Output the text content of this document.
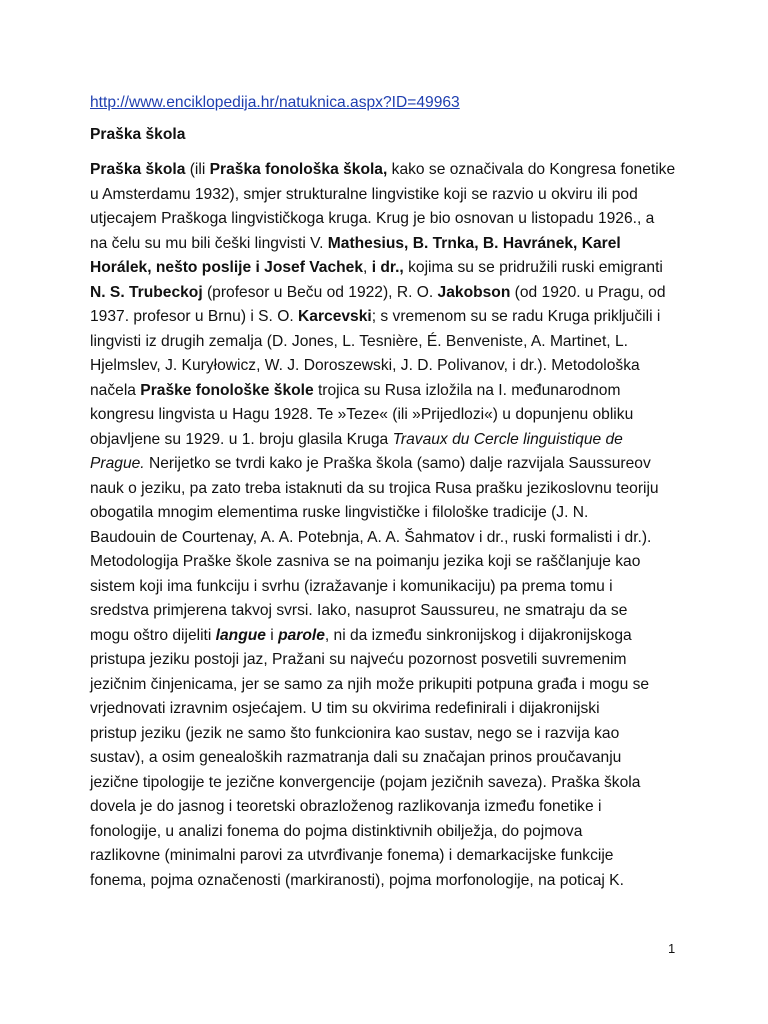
http://www.enciklopedija.hr/natuknica.aspx?ID=49963
Praška škola
Praška škola (ili Praška fonološka škola, kako se označivala do Kongresa fonetike
u Amsterdamu 1932), smjer strukturalne lingvistike koji se razvio u okviru ili pod
utjecajem Praškoga lingvističkoga kruga. Krug je bio osnovan u listopadu 1926., a
na čelu su mu bili češki lingvisti V. Mathesius, B. Trnka, B. Havránek, Karel
Horálek, nešto poslije i Josef Vachek, i dr., kojima su se pridružili ruski emigranti
N. S. Trubeckoj (profesor u Beču od 1922), R. O. Jakobson (od 1920. u Pragu, od
1937. profesor u Brnu) i S. O. Karcevski; s vremenom su se radu Kruga priključili i
lingvisti iz drugih zemalja (D. Jones, L. Tesnière, É. Benveniste, A. Martinet, L.
Hjelmslev, J. Kuryłowicz, W. J. Doroszewski, J. D. Polivanov, i dr.). Metodološka
načela Praške fonološke škole trojica su Rusa izložila na I. međunarodnom
kongresu lingvista u Hagu 1928. Te »Teze« (ili »Prijedlozi«) u dopunjenu obliku
objavljene su 1929. u 1. broju glasila Kruga Travaux du Cercle linguistique de
Prague. Nerijetko se tvrdi kako je Praška škola (samo) dalje razvijala Saussureov
nauk o jeziku, pa zato treba istaknuti da su trojica Rusa prašku jezikoslovnu teoriju
obogatila mnogim elementima ruske lingvističke i filološke tradicije (J. N.
Baudouin de Courtenay, A. A. Potebnja, A. A. Šahmatov i dr., ruski formalisti i dr.).
Metodologija Praške škole zasniva se na poimanju jezika koji se raščlanjuje kao
sistem koji ima funkciju i svrhu (izražavanje i komunikaciju) pa prema tomu i
sredstva primjerena takvoj svrsi. Iako, nasuprot Saussureu, ne smatraju da se
mogu oštro dijeliti langue i parole, ni da između sinkronijskog i dijakronijskoga
pristupa jeziku postoji jaz, Pražani su najveću pozornost posvetili suvremenim
jezičnim činjenicama, jer se samo za njih može prikupiti potpuna građa i mogu se
vrjednovati izravnim osjećajem. U tim su okvirima redefinirali i dijakronijski
pristup jeziku (jezik ne samo što funkcionira kao sustav, nego se i razvija kao
sustav), a osim genealoških razmatranja dali su značajan prinos proučavanju
jezične tipologije te jezične konvergencije (pojam jezičnih saveza). Praška škola
dovela je do jasnog i teoretski obrazloženog razlikovanja između fonetike i
fonologije, u analizi fonema do pojma distinktivnih obilježja, do pojmova
razlikovne (minimalni parovi za utvrđivanje fonema) i demarkacijske funkcije
fonema, pojma označenosti (markiranosti), pojma morfonologije, na poticaj K.
1
